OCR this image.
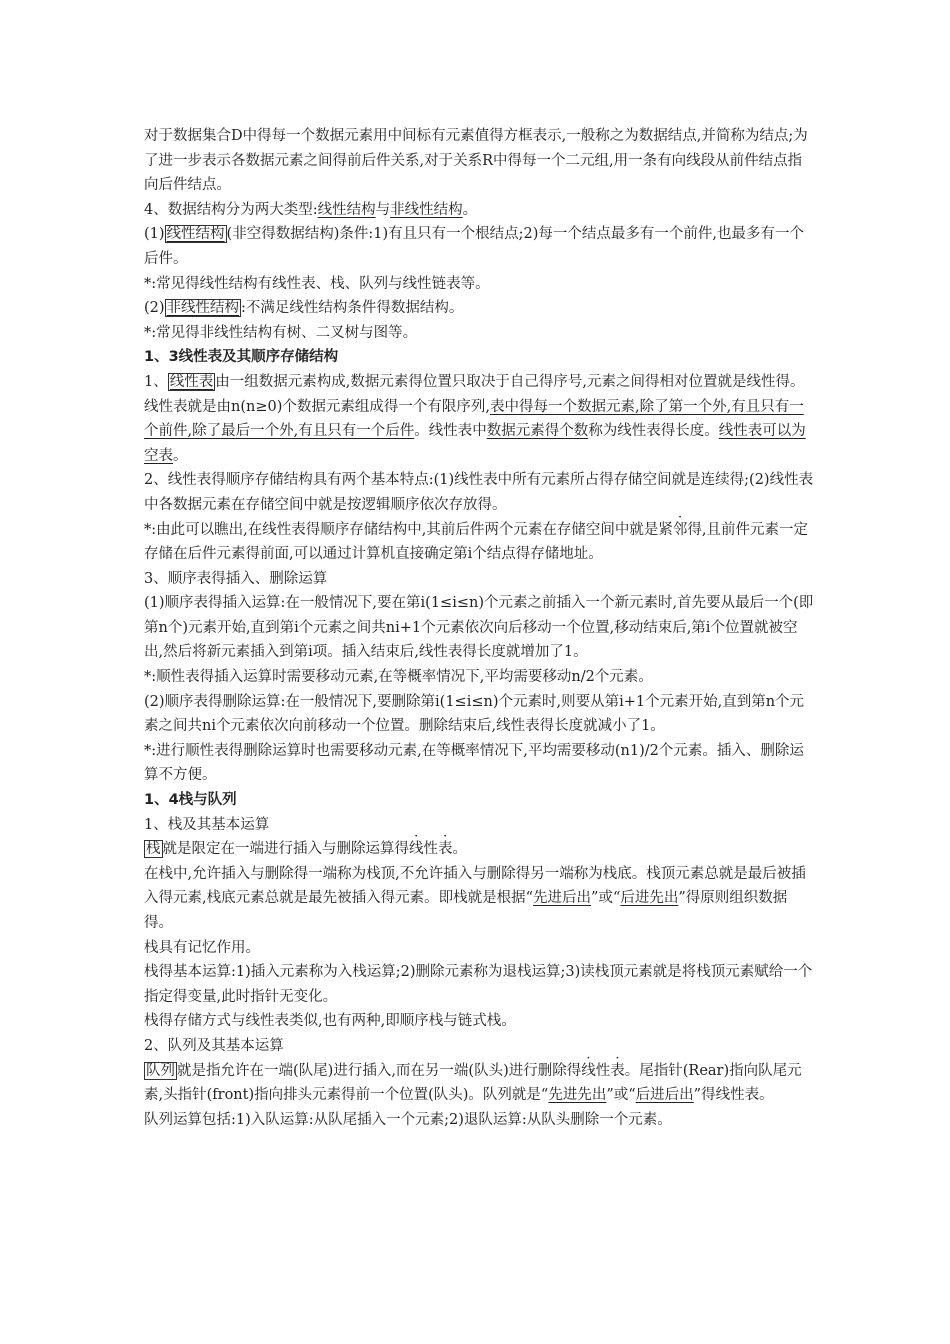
对于数据集合D中得每一个数据元素用中间标有元素值得方框表示,一般称之为数据结点,并简称为结点;为了进一步表示各数据元素之间得前后件关系,对于关系R中得每一个二元组,用一条有向线段从前件结点指向后件结点。

4、数据结构分为两大类型:线性结构与非线性结构。

(1) 线性结构 (非空得数据结构)条件:1)有且只有一个根结点;2)每一个结点最多有一个前件,也最多有一个后件。

*:常见得线性结构有线性表、栈、队列与线性链表等。

(2) 非线性结构 :不满足线性结构条件得数据结构。

*:常见得非线性结构有树、二叉树与图等。

1、3线性表及其顺序存储结构

1、 线性表 由一组数据元素构成,数据元素得位置只取决于自己得序号,元素之间得相对位置就是线性得。线性表就是由n(n≥0)个数据元素组成得一个有限序列,表中得每一个数据元素,除了第一个外,有且只有一个前件,除了最后一个外,有且只有一个后件。线性表中数据元素得个数称为线性表得长度。线性表可以为空表。

2、线性表得顺序存储结构具有两个基本特点:(1)线性表中所有元素所占得存储空间就是连续得;(2)线性表中各数据元素在存储空间中就是按逻辑顺序依次存放得。

*:由此可以瞧出,在线性表得顺序存储结构中,其前后件两个元素在存储空间中就是紧邻得,且前件元素一定存储在后件元素得前面,可以通过计算机直接确定第i个结点得存储地址。

3、顺序表得插入、删除运算

(1)顺序表得插入运算:在一般情况下,要在第i(1≤i≤n)个元素之前插入一个新元素时,首先要从最后一个(即第n个)元素开始,直到第i个元素之间共ni+1个元素依次向后移动一个位置,移动结束后,第i个位置就被空出,然后将新元素插入到第i项。插入结束后,线性表得长度就增加了1。

*:顺性表得插入运算时需要移动元素,在等概率情况下,平均需要移动n/2个元素。

(2)顺序表得删除运算:在一般情况下,要删除第i(1≤i≤n)个元素时,则要从第i+1个元素开始,直到第n个元素之间共ni个元素依次向前移动一个位置。删除结束后,线性表得长度就减小了1。

*:进行顺性表得删除运算时也需要移动元素,在等概率情况下,平均需要移动(n1)/2个元素。插入、删除运算不方便。

1、4栈与队列

1、栈及其基本运算

栈 就是限定在一端进行插入与删除运算得线性表。

在栈中,允许插入与删除得一端称为栈顶,不允许插入与删除得另一端称为栈底。栈顶元素总就是最后被插入得元素,栈底元素总就是最先被插入得元素。即栈就是根据“先进后出”或“后进先出”得原则组织数据得。

栈具有记忆作用。

栈得基本运算:1)插入元素称为入栈运算;2)删除元素称为退栈运算;3)读栈顶元素就是将栈顶元素赋给一个指定得变量,此时指针无变化。

栈得存储方式与线性表类似,也有两种,即顺序栈与链式栈。

2、队列及其基本运算

队列 就是指允许在一端(队尾)进行插入,而在另一端(队头)进行删除得线性表。尾指针(Rear)指向队尾元素,头指针(front)指向排头元素得前一个位置(队头)。队列就是“先进先出”或“后进后出”得线性表。

队列运算包括:1)入队运算:从队尾插入一个元素;2)退队运算:从队头删除一个元素。
